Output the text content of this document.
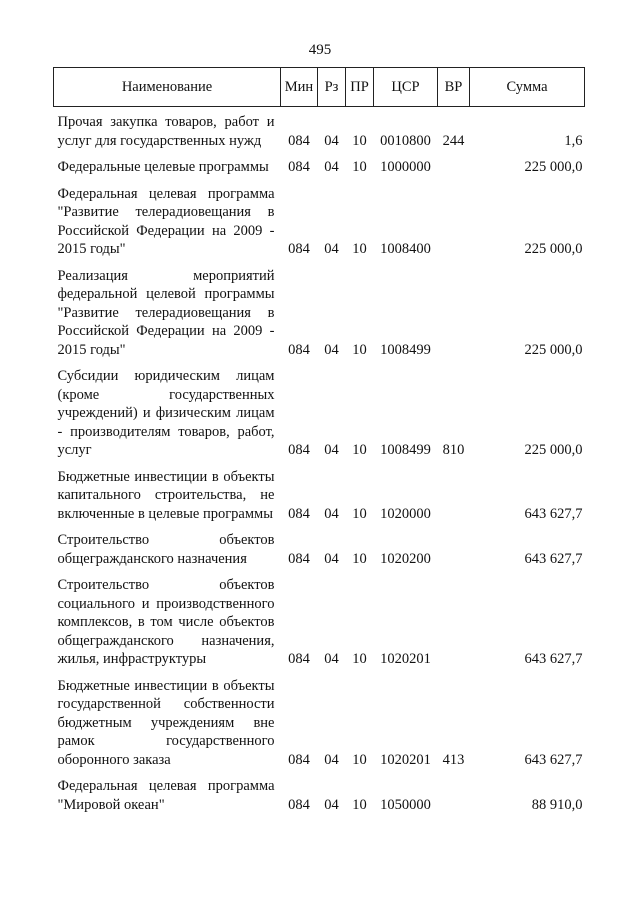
495
Наименование	Мин	Рз	ПР	ЦСР	ВР	Сумма
Прочая закупка товаров, работ и услуг для государственных нужд	084	04	10	0010800	244	1,6
Федеральные целевые программы	084	04	10	1000000		225 000,0
Федеральная целевая программа "Развитие телерадиовещания в Российской Федерации на 2009 - 2015 годы"	084	04	10	1008400		225 000,0
Реализация мероприятий федеральной целевой программы "Развитие телерадиовещания в Российской Федерации на 2009 - 2015 годы"	084	04	10	1008499		225 000,0
Субсидии юридическим лицам (кроме государственных учреждений) и физическим лицам - производителям товаров, работ, услуг	084	04	10	1008499	810	225 000,0
Бюджетные инвестиции в объекты капитального строительства, не включенные в целевые программы	084	04	10	1020000		643 627,7
Строительство объектов общегражданского назначения	084	04	10	1020200		643 627,7
Строительство объектов социального и производственного комплексов, в том числе объектов общегражданского назначения, жилья, инфраструктуры	084	04	10	1020201		643 627,7
Бюджетные инвестиции в объекты государственной собственности бюджетным учреждениям вне рамок государственного оборонного заказа	084	04	10	1020201	413	643 627,7
Федеральная целевая программа "Мировой океан"	084	04	10	1050000		88 910,0
